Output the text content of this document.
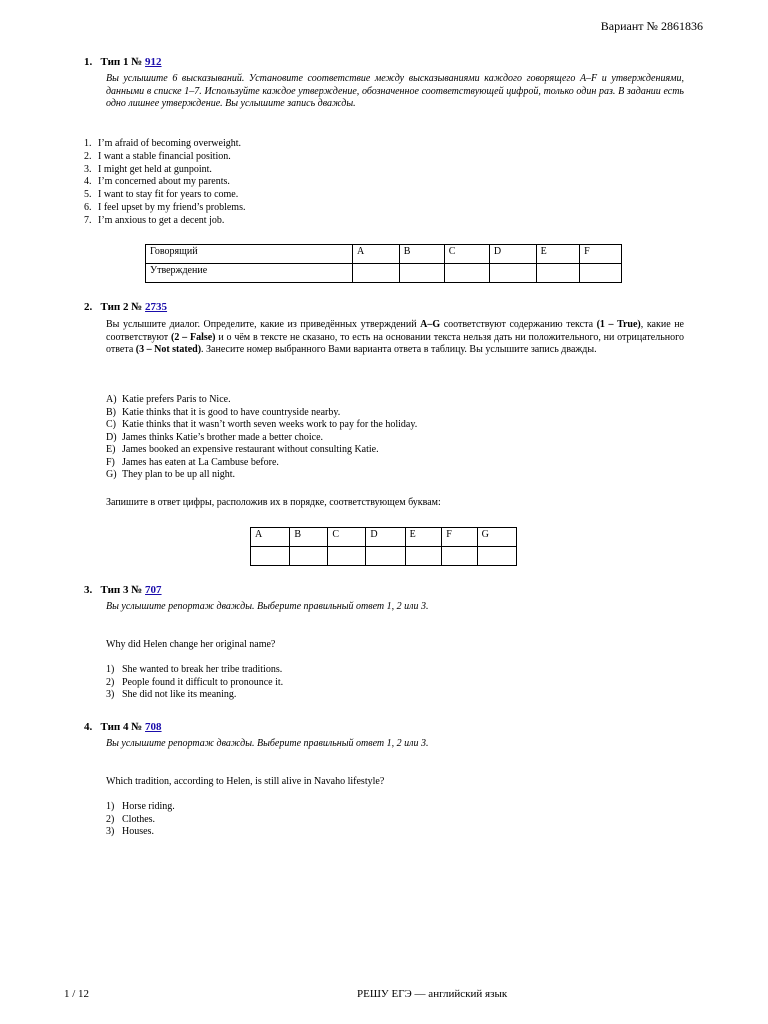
Вариант № 2861836
1. Тип 1 № 912
Вы услышите 6 высказываний. Установите соответствие между высказываниями каждого говорящего A–F и утверждениями, данными в списке 1–7. Используйте каждое утверждение, обозначенное соответствующей цифрой, только один раз. В задании есть одно лишнее утверждение. Вы услышите запись дважды.
1. I’m afraid of becoming overweight.
2. I want a stable financial position.
3. I might get held at gunpoint.
4. I’m concerned about my parents.
5. I want to stay fit for years to come.
6. I feel upset by my friend’s problems.
7. I’m anxious to get a decent job.
Говорящий	A	B	C	D	E	F
Утверждение						
2. Тип 2 № 2735
Вы услышите диалог. Определите, какие из приведённых утверждений A–G соответствуют содержанию текста (1 – True), какие не соответствуют (2 – False) и о чём в тексте не сказано, то есть на основании текста нельзя дать ни положительного, ни отрицательного ответа (3 – Not stated). Занесите номер выбранного Вами варианта ответа в таблицу. Вы услышите запись дважды.
A) Katie prefers Paris to Nice.
B) Katie thinks that it is good to have countryside nearby.
C) Katie thinks that it wasn’t worth seven weeks work to pay for the holiday.
D) James thinks Katie’s brother made a better choice.
E) James booked an expensive restaurant without consulting Katie.
F) James has eaten at La Cambuse before.
G) They plan to be up all night.
Запишите в ответ цифры, расположив их в порядке, соответствующем буквам:
A	B	C	D	E	F	G

3. Тип 3 № 707
Вы услышите репортаж дважды. Выберите правильный ответ 1, 2 или 3.
Why did Helen change her original name?
1) She wanted to break her tribe traditions.
2) People found it difficult to pronounce it.
3) She did not like its meaning.
4. Тип 4 № 708
Вы услышите репортаж дважды. Выберите правильный ответ 1, 2 или 3.
Which tradition, according to Helen, is still alive in Navaho lifestyle?
1) Horse riding.
2) Clothes.
3) Houses.
1 / 12	РЕШУ ЕГЭ — английский язык
